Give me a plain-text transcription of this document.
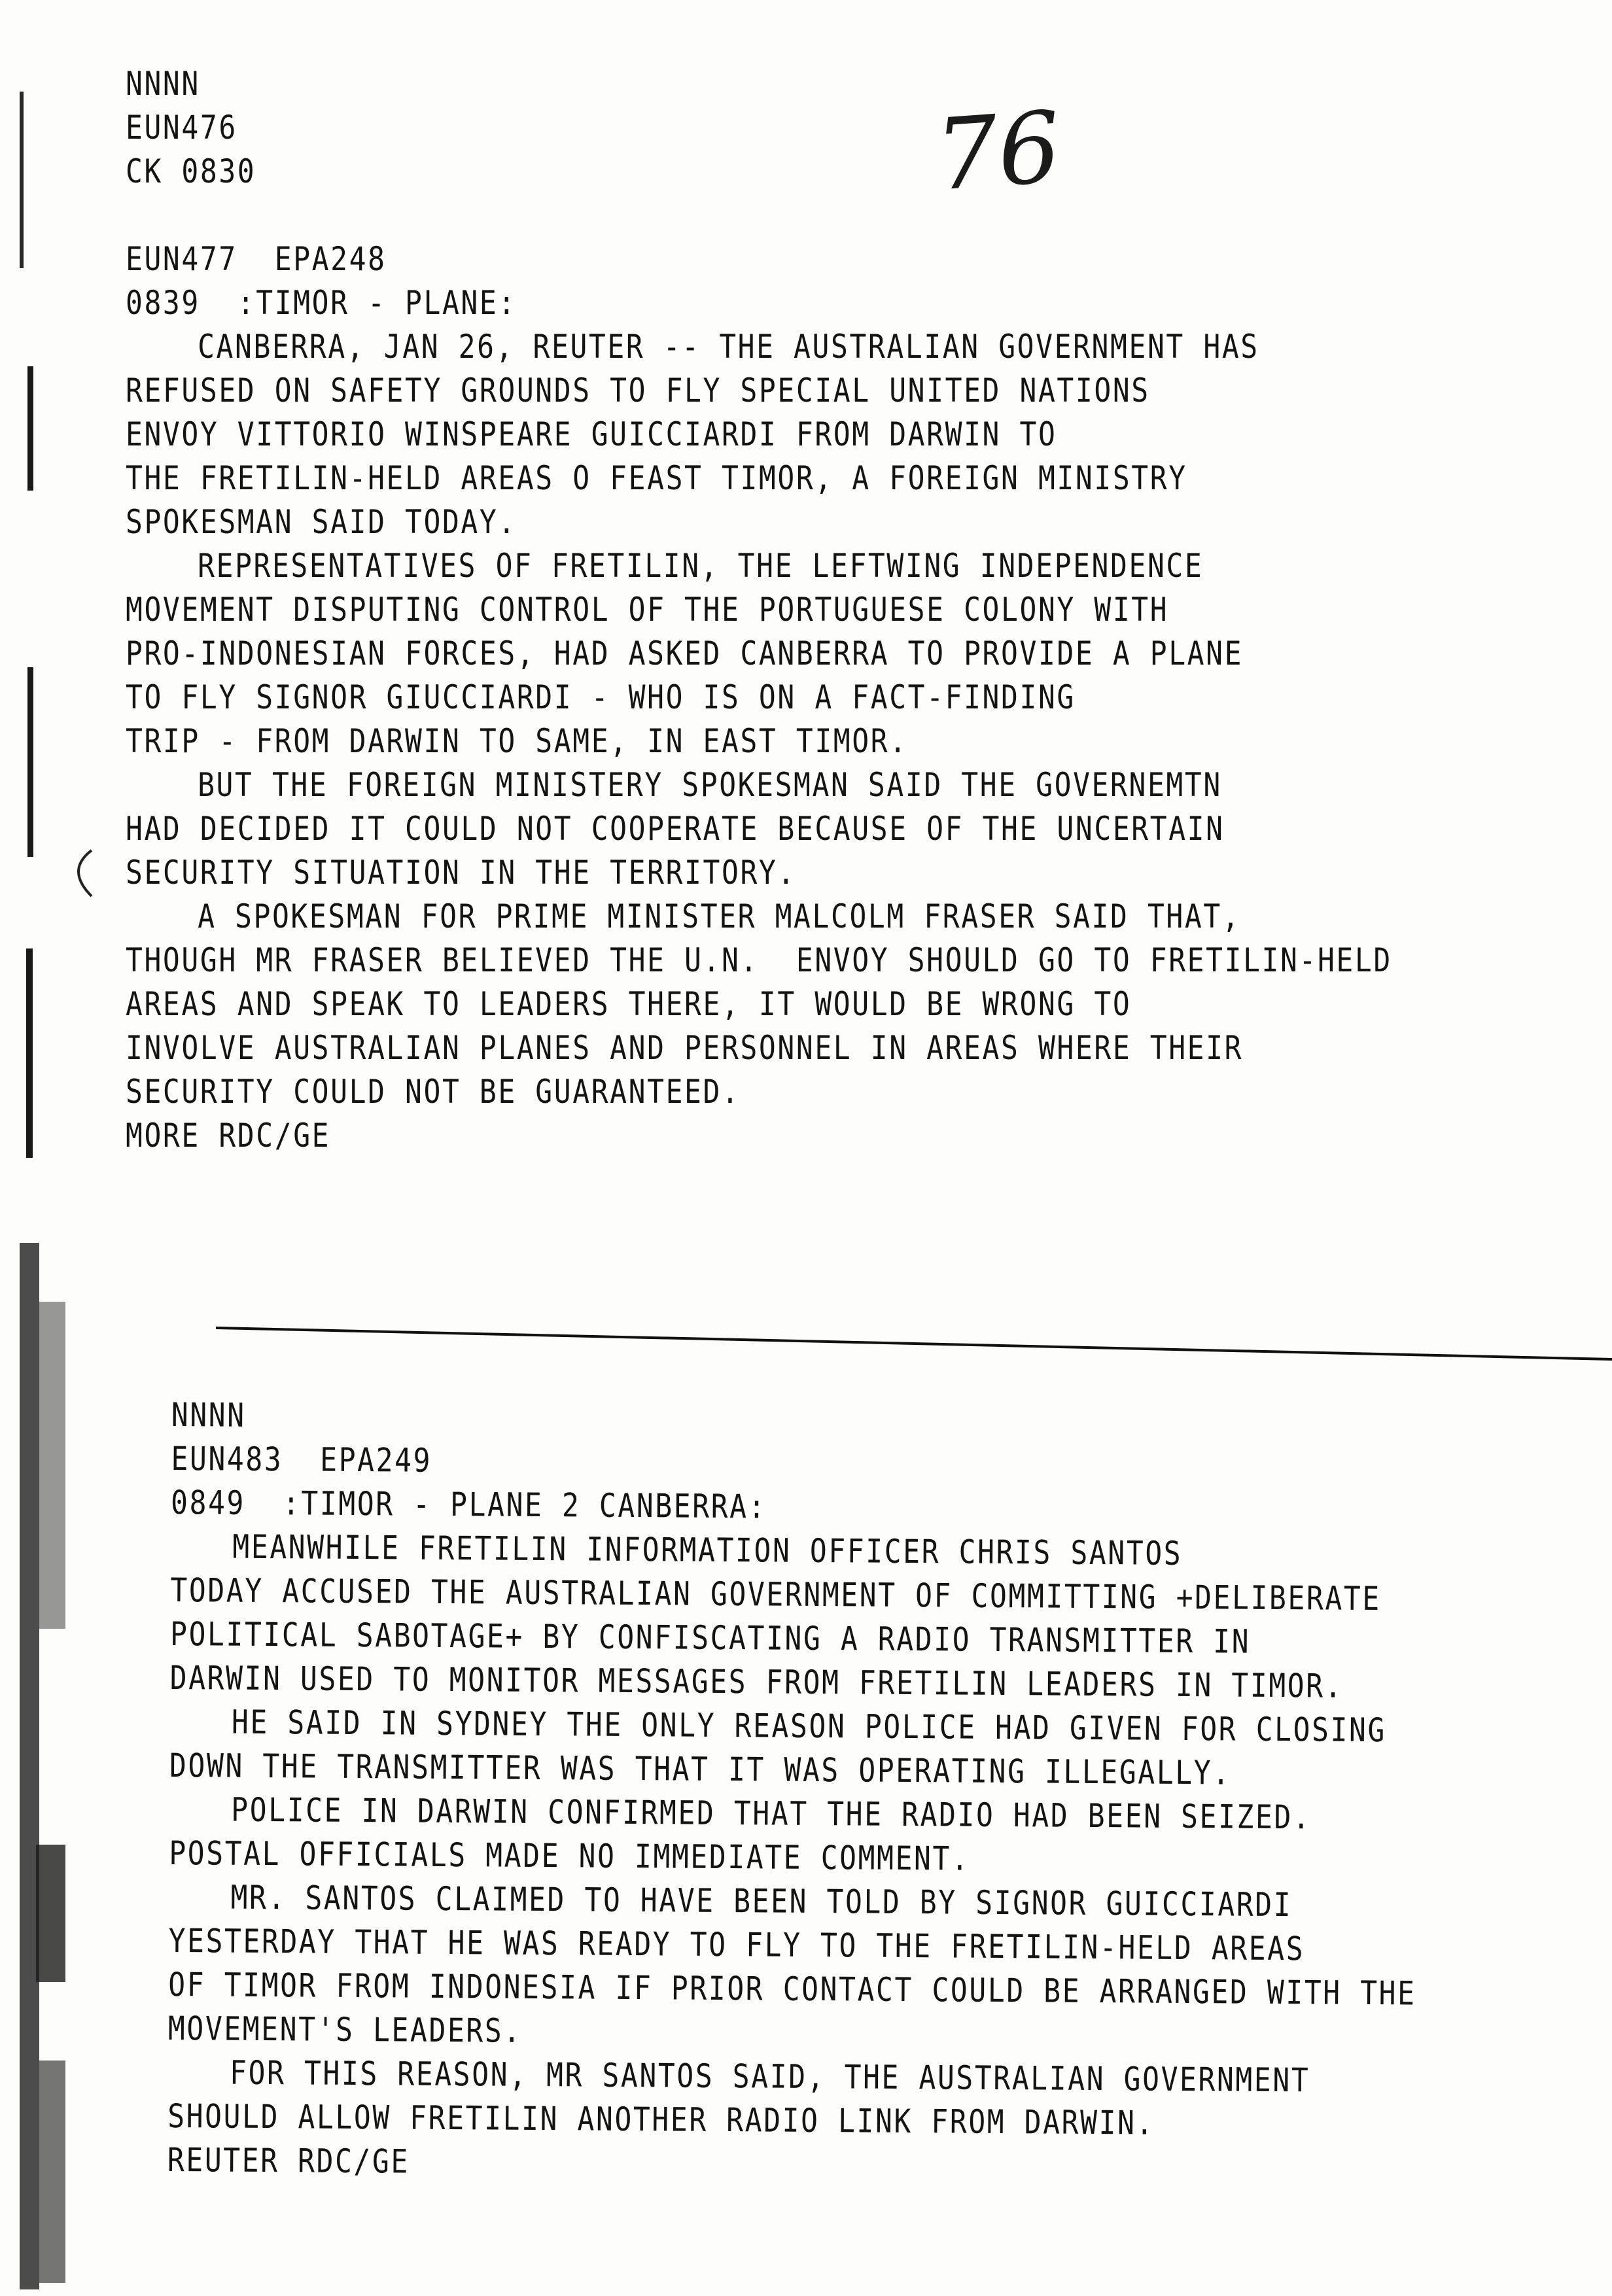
76
NNNN
EUN476
CK 0830
EUN477  EPA248
0839  :TIMOR - PLANE:
CANBERRA, JAN 26, REUTER -- THE AUSTRALIAN GOVERNMENT HAS
REFUSED ON SAFETY GROUNDS TO FLY SPECIAL UNITED NATIONS
ENVOY VITTORIO WINSPEARE GUICCIARDI FROM DARWIN TO
THE FRETILIN-HELD AREAS O FEAST TIMOR, A FOREIGN MINISTRY
SPOKESMAN SAID TODAY.
REPRESENTATIVES OF FRETILIN, THE LEFTWING INDEPENDENCE
MOVEMENT DISPUTING CONTROL OF THE PORTUGUESE COLONY WITH
PRO-INDONESIAN FORCES, HAD ASKED CANBERRA TO PROVIDE A PLANE
TO FLY SIGNOR GIUCCIARDI - WHO IS ON A FACT-FINDING
TRIP - FROM DARWIN TO SAME, IN EAST TIMOR.
BUT THE FOREIGN MINISTERY SPOKESMAN SAID THE GOVERNEMTN
HAD DECIDED IT COULD NOT COOPERATE BECAUSE OF THE UNCERTAIN
SECURITY SITUATION IN THE TERRITORY.
A SPOKESMAN FOR PRIME MINISTER MALCOLM FRASER SAID THAT,
THOUGH MR FRASER BELIEVED THE U.N.  ENVOY SHOULD GO TO FRETILIN-HELD
AREAS AND SPEAK TO LEADERS THERE, IT WOULD BE WRONG TO
INVOLVE AUSTRALIAN PLANES AND PERSONNEL IN AREAS WHERE THEIR
SECURITY COULD NOT BE GUARANTEED.
MORE RDC/GE
NNNN
EUN483  EPA249
0849  :TIMOR - PLANE 2 CANBERRA:
MEANWHILE FRETILIN INFORMATION OFFICER CHRIS SANTOS
TODAY ACCUSED THE AUSTRALIAN GOVERNMENT OF COMMITTING +DELIBERATE
POLITICAL SABOTAGE+ BY CONFISCATING A RADIO TRANSMITTER IN
DARWIN USED TO MONITOR MESSAGES FROM FRETILIN LEADERS IN TIMOR.
HE SAID IN SYDNEY THE ONLY REASON POLICE HAD GIVEN FOR CLOSING
DOWN THE TRANSMITTER WAS THAT IT WAS OPERATING ILLEGALLY.
POLICE IN DARWIN CONFIRMED THAT THE RADIO HAD BEEN SEIZED.
POSTAL OFFICIALS MADE NO IMMEDIATE COMMENT.
MR. SANTOS CLAIMED TO HAVE BEEN TOLD BY SIGNOR GUICCIARDI
YESTERDAY THAT HE WAS READY TO FLY TO THE FRETILIN-HELD AREAS
OF TIMOR FROM INDONESIA IF PRIOR CONTACT COULD BE ARRANGED WITH THE
MOVEMENT'S LEADERS.
FOR THIS REASON, MR SANTOS SAID, THE AUSTRALIAN GOVERNMENT
SHOULD ALLOW FRETILIN ANOTHER RADIO LINK FROM DARWIN.
REUTER RDC/GE
